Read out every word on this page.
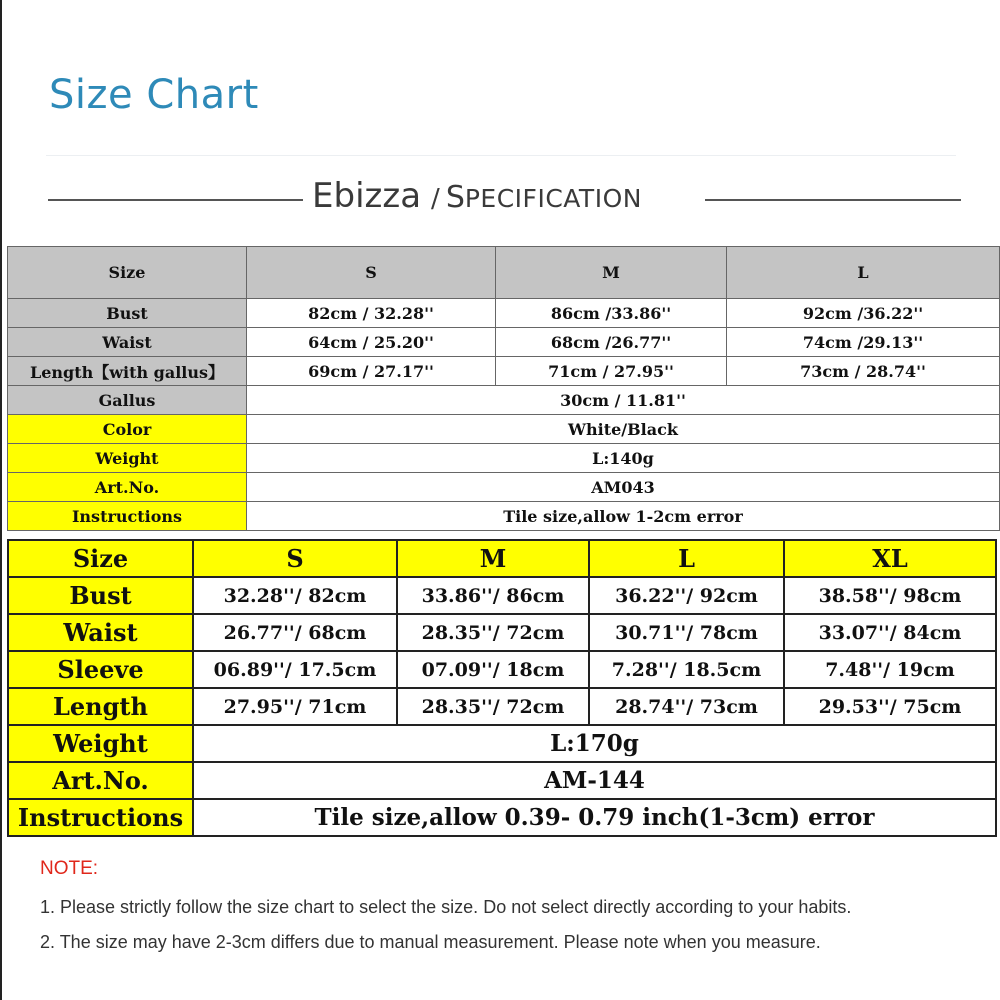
Size Chart
Ebizza / SPECIFICATION
Size	S	M	L
Bust	82cm / 32.28''	86cm /33.86''	92cm /36.22''
Waist	64cm / 25.20''	68cm /26.77''	74cm /29.13''
Length【with gallus】	69cm / 27.17''	71cm / 27.95''	73cm / 28.74''
Gallus	30cm / 11.81''		
Color	White/Black		
Weight	L:140g		
Art.No.	AM043		
Instructions	Tile size,allow 1-2cm error		
Size	S	M	L	XL
Bust	32.28''/ 82cm	33.86''/ 86cm	36.22''/ 92cm	38.58''/ 98cm
Waist	26.77''/ 68cm	28.35''/ 72cm	30.71''/ 78cm	33.07''/ 84cm
Sleeve	06.89''/ 17.5cm	07.09''/ 18cm	7.28''/ 18.5cm	7.48''/ 19cm
Length	27.95''/ 71cm	28.35''/ 72cm	28.74''/ 73cm	29.53''/ 75cm
Weight	L:170g			
Art.No.	AM-144			
Instructions	Tile size,allow 0.39- 0.79 inch(1-3cm) error			
NOTE:
1. Please strictly follow the size chart to select the size. Do not select directly according to your habits.
2. The size may have 2-3cm differs due to manual measurement. Please note when you measure.
